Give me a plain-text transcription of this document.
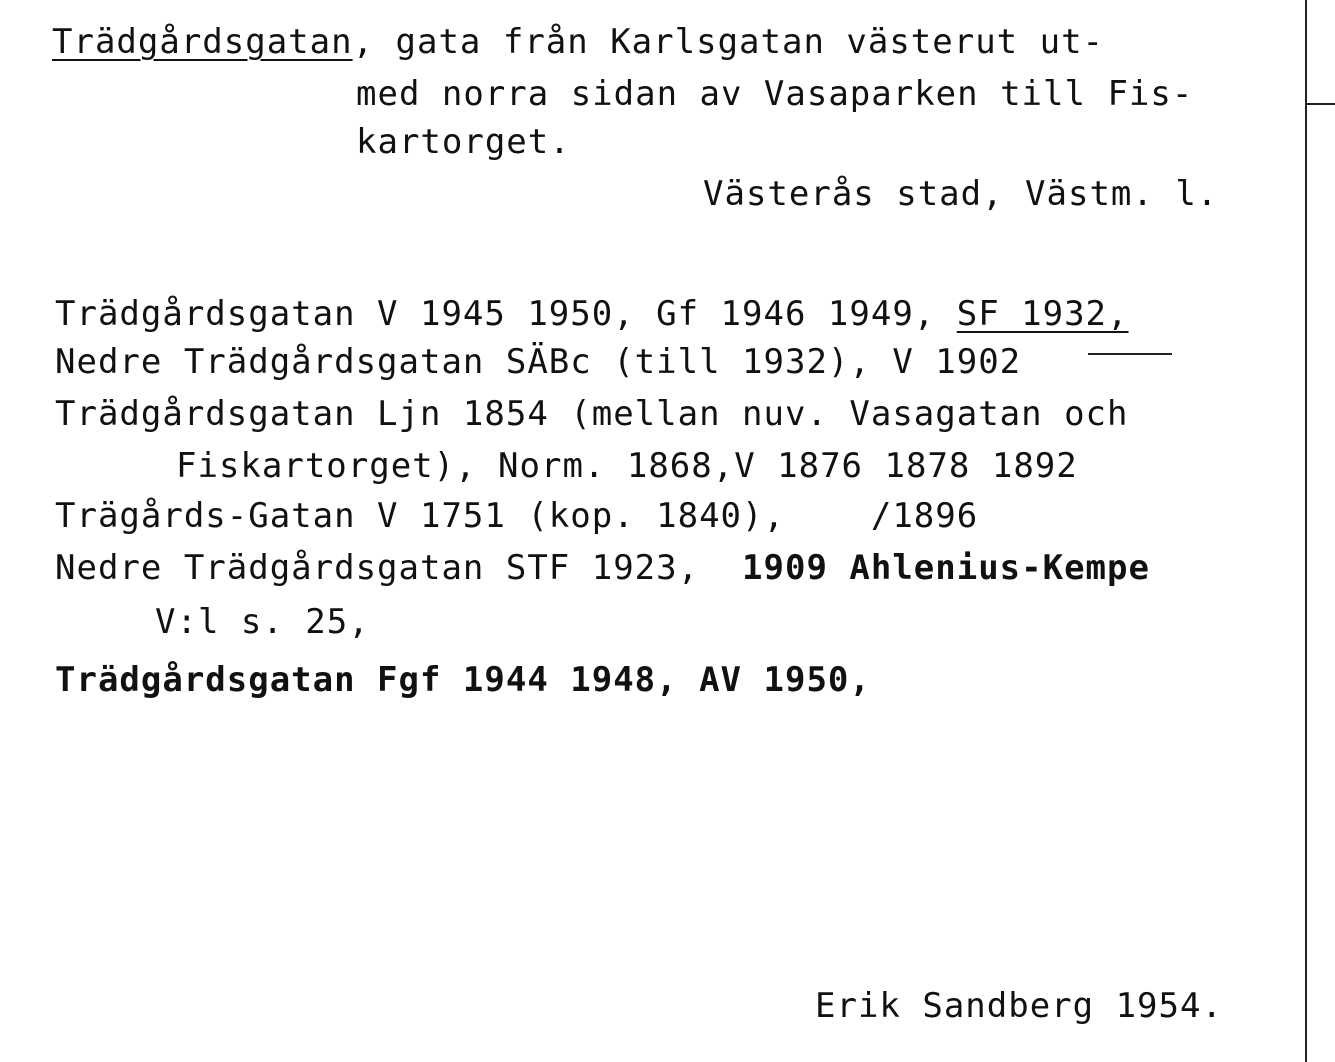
Trädgårdsgatan, gata från Karlsgatan västerut ut-
med norra sidan av Vasaparken till Fis-
kartorget.
Västerås stad, Västm. l.
Trädgårdsgatan V 1945 1950, Gf 1946 1949, SF 1932,
Nedre Trädgårdsgatan SÄBc (till 1932), V 1902
Trädgårdsgatan Ljn 1854 (mellan nuv. Vasagatan och
Fiskartorget), Norm. 1868,V 1876 1878 1892
Trägårds-Gatan V 1751 (kop. 1840),    /1896
Nedre Trädgårdsgatan STF 1923,  1909 Ahlenius-Kempe
V:l s. 25,
Trädgårdsgatan Fgf 1944 1948, AV 1950,
Erik Sandberg 1954.
